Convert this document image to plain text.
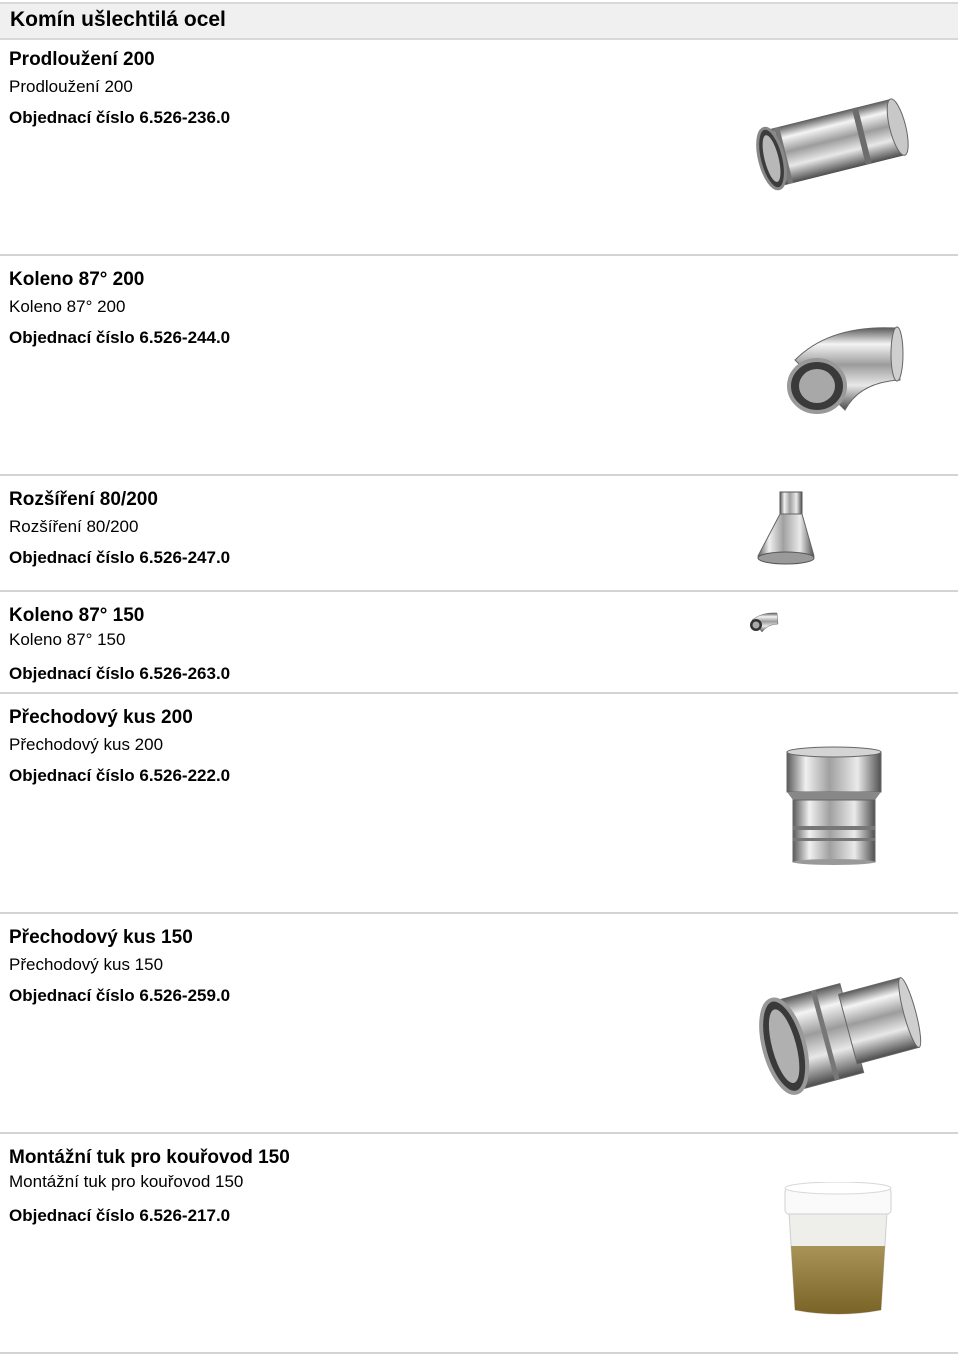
Komín ušlechtilá ocel
Prodloužení 200
Prodloužení 200
Objednací číslo 6.526-236.0
Koleno 87° 200
Koleno 87° 200
Objednací číslo 6.526-244.0
Rozšíření 80/200
Rozšíření 80/200
Objednací číslo 6.526-247.0
Koleno 87° 150
Koleno 87° 150
Objednací číslo 6.526-263.0
Přechodový kus 200
Přechodový kus 200
Objednací číslo 6.526-222.0
Přechodový kus 150
Přechodový kus 150
Objednací číslo 6.526-259.0
Montážní tuk pro kouřovod 150
Montážní tuk pro kouřovod 150
Objednací číslo 6.526-217.0
